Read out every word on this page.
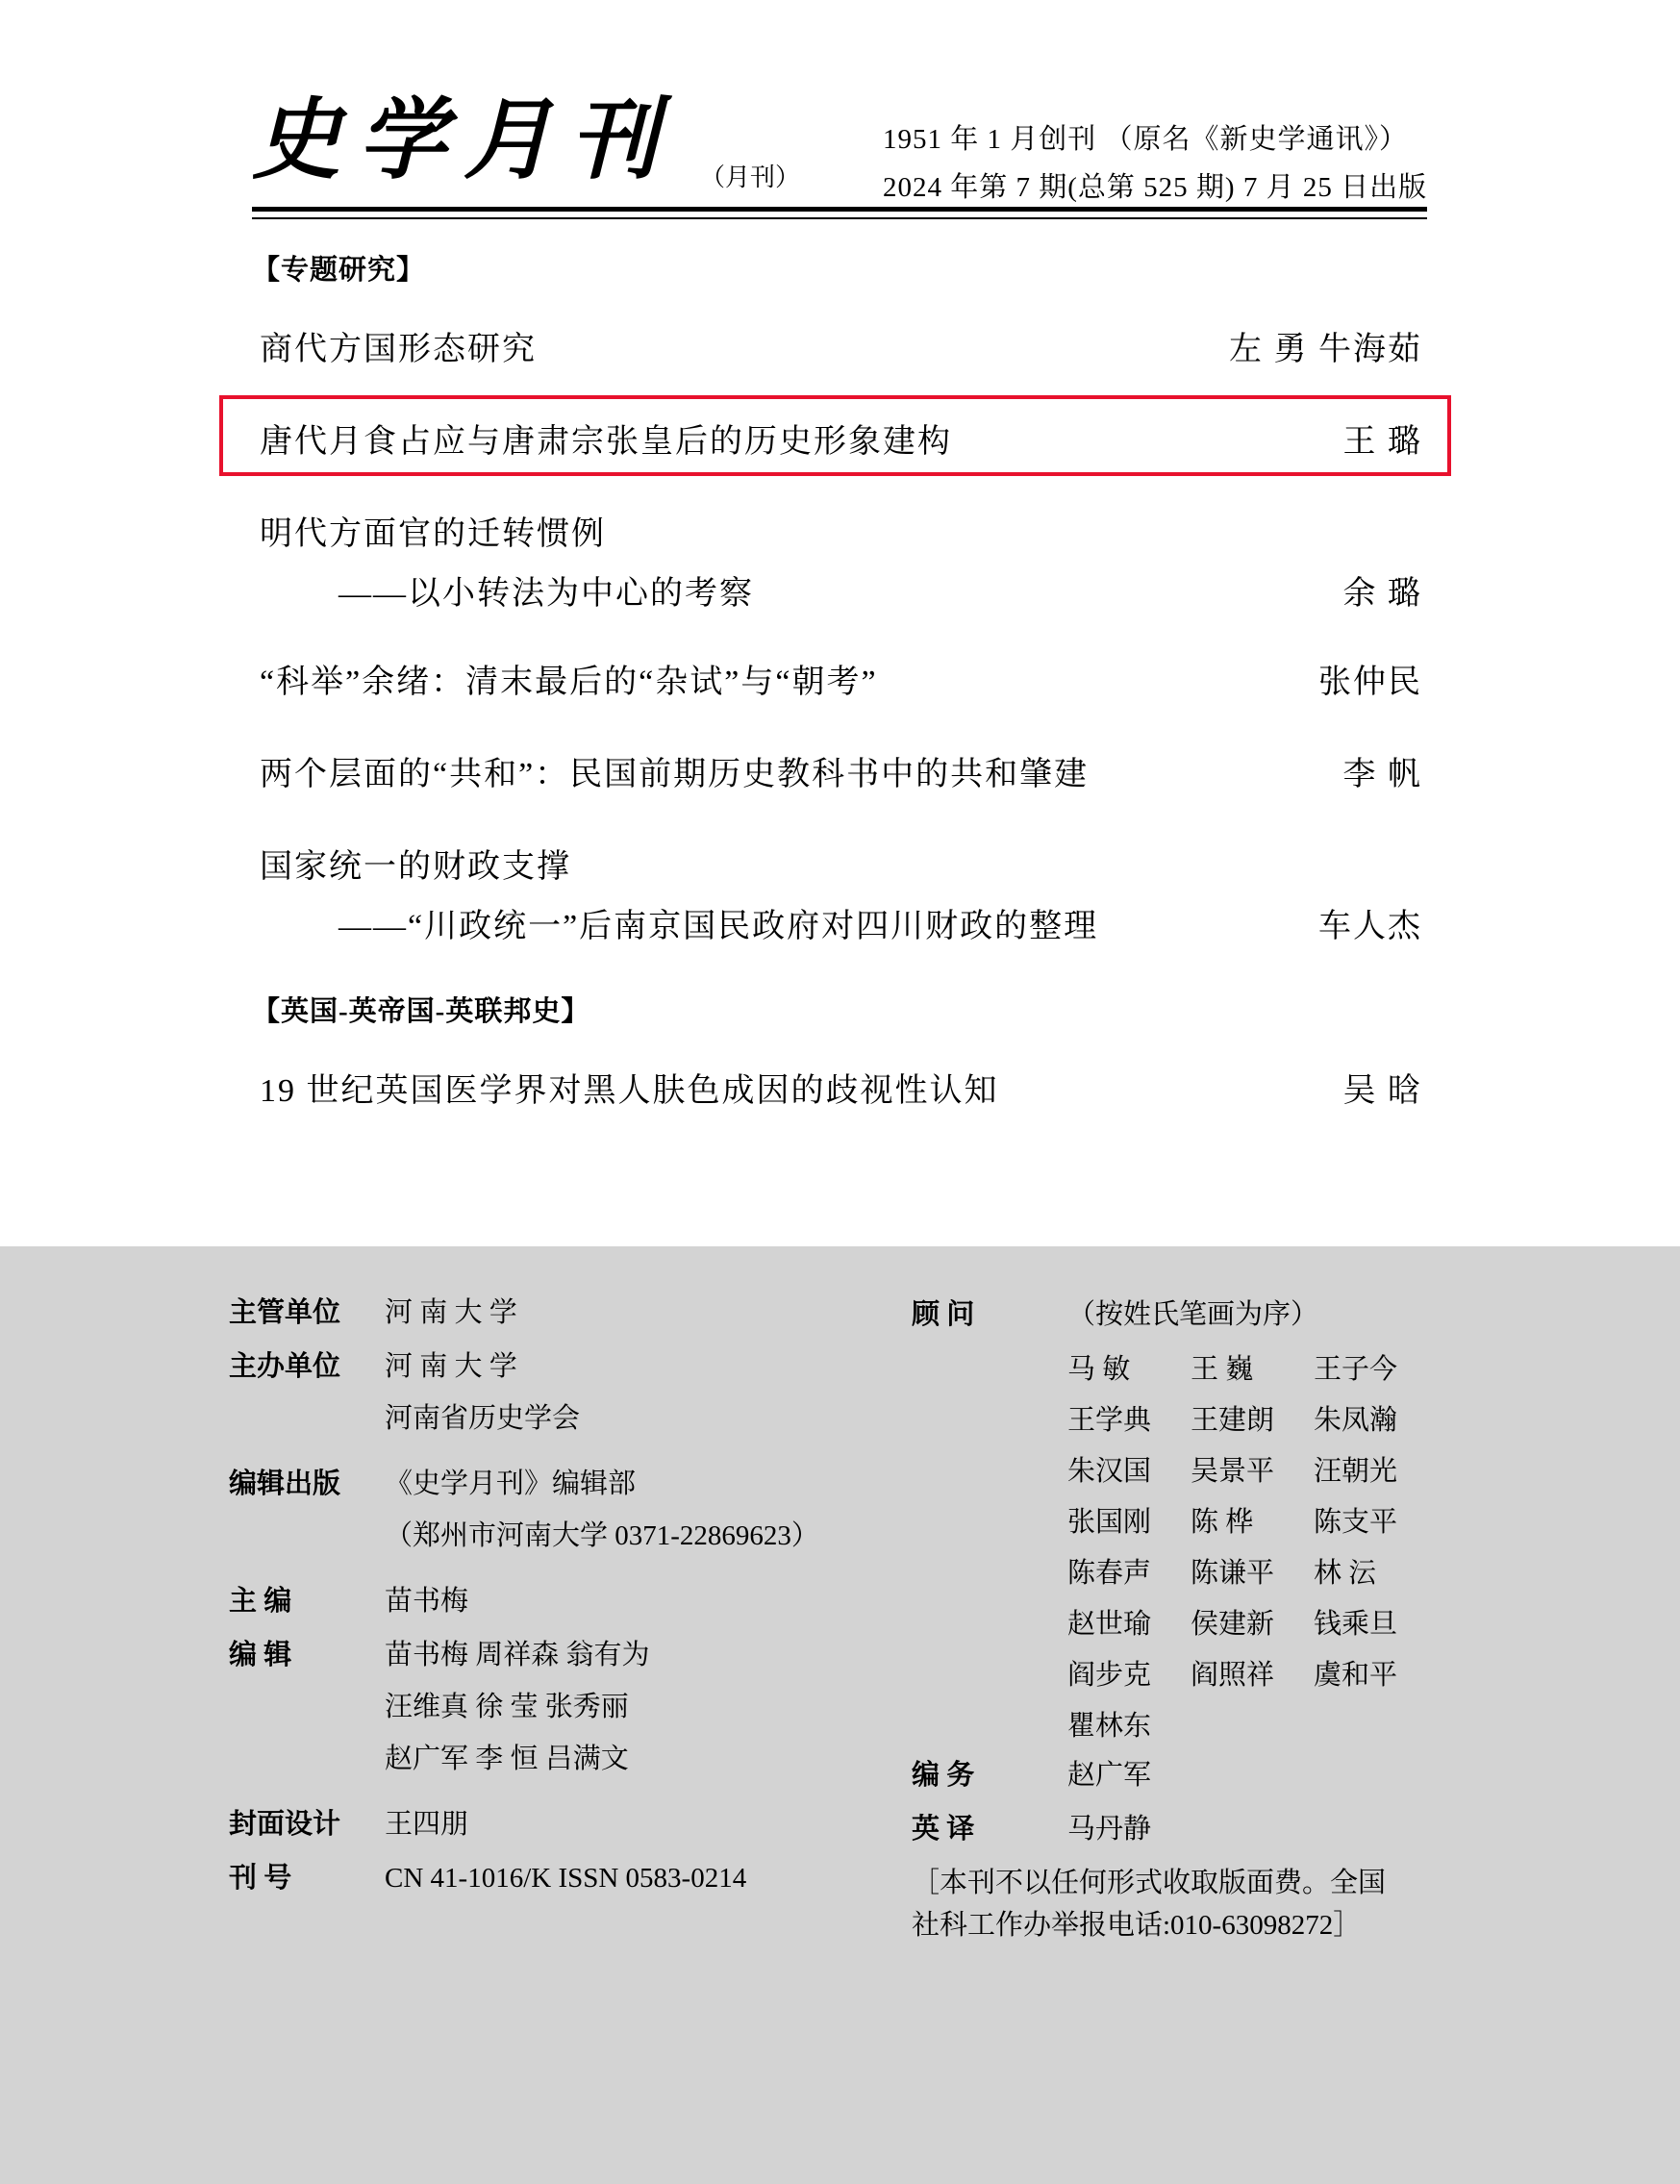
史学月刊 （月刊）
1951 年 1 月创刊 （原名《新史学通讯》）
2024 年第 7 期(总第 525 期) 7 月 25 日出版
【专题研究】
商代方国形态研究	左 勇 牛海茹
唐代月食占应与唐肃宗张皇后的历史形象建构	王 璐
明代方面官的迁转惯例
——以小转法为中心的考察	余 璐
“科举”余绪：清末最后的“杂试”与“朝考”	张仲民
两个层面的“共和”：民国前期历史教科书中的共和肇建	李 帆
国家统一的财政支撑
——“川政统一”后南京国民政府对四川财政的整理	车人杰
【英国-英帝国-英联邦史】
19 世纪英国医学界对黑人肤色成因的歧视性认知	吴 晗
主管单位	河 南 大 学
主办单位	河 南 大 学
河南省历史学会
编辑出版	《史学月刊》编辑部
（郑州市河南大学 0371-22869623）
主 编	苗书梅
编 辑	苗书梅 周祥森 翁有为
汪维真 徐 莹 张秀丽
赵广军 李 恒 吕满文
封面设计	王四朋
刊 号	CN 41-1016/K ISSN 0583-0214
顾 问	（按姓氏笔画为序）
马 敏	王 巍	王子今
王学典	王建朗	朱凤瀚
朱汉国	吴景平	汪朝光
张国刚	陈 桦	陈支平
陈春声	陈谦平	林 沄
赵世瑜	侯建新	钱乘旦
阎步克	阎照祥	虞和平
瞿林东
编 务	赵广军
英 译	马丹静
［本刊不以任何形式收取版面费。全国
社科工作办举报电话:010-63098272］
